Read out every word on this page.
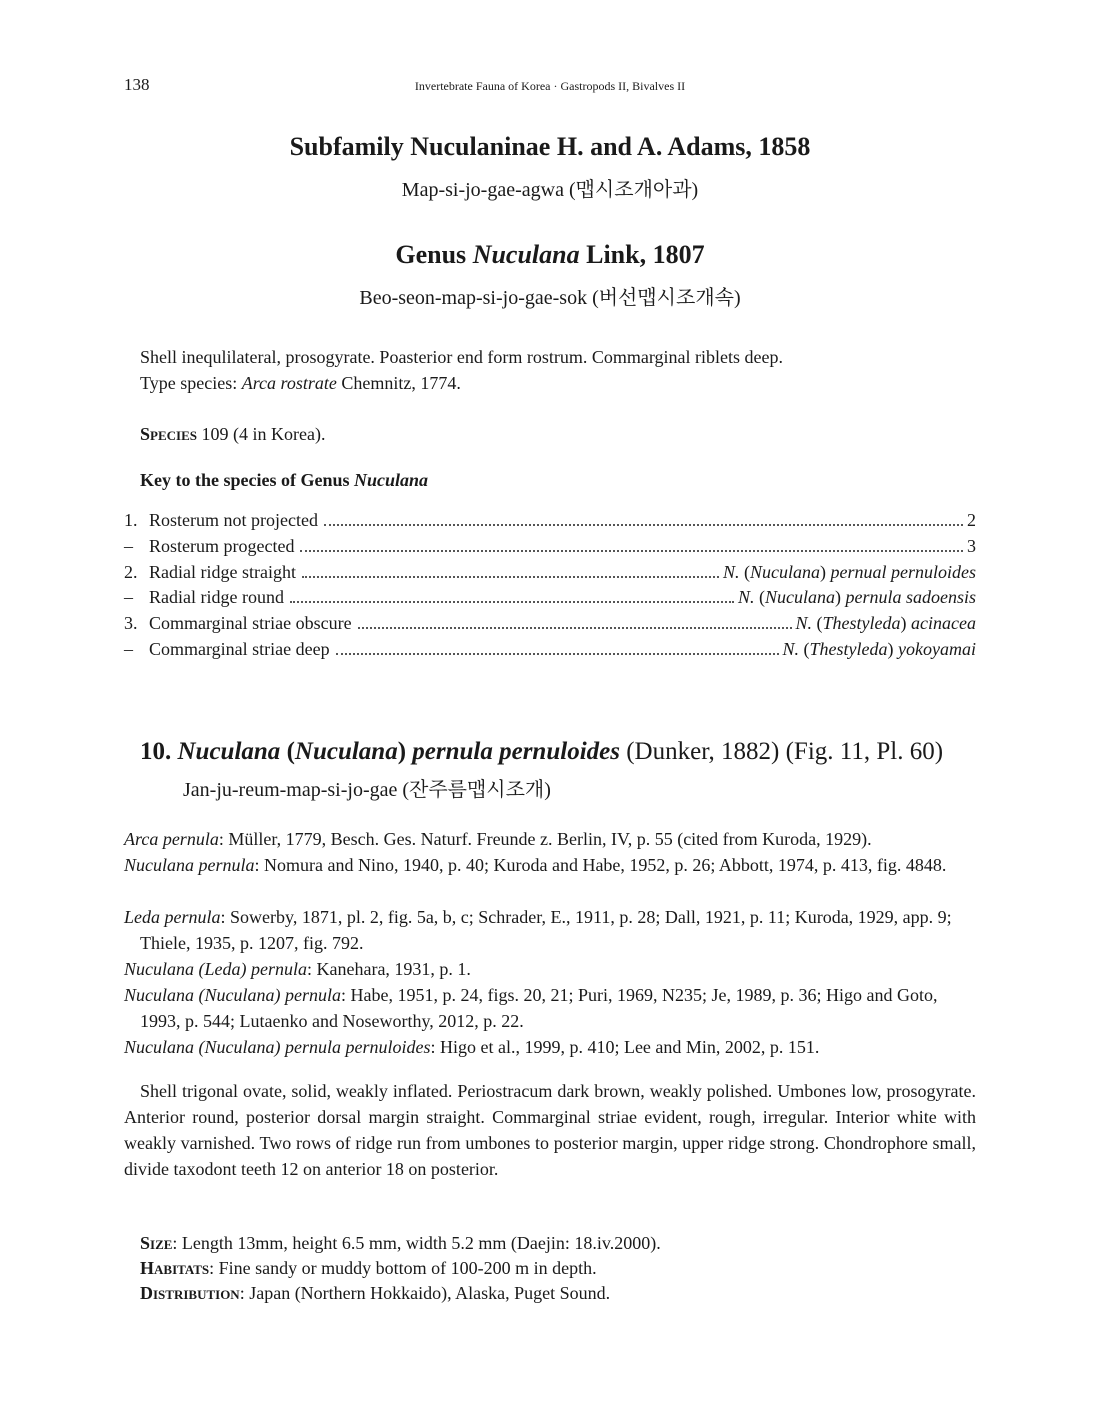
138	Invertebrate Fauna of Korea · Gastropods II, Bivalves II
Subfamily Nuculaninae H. and A. Adams, 1858
Map-si-jo-gae-agwa (맵시조개아과)
Genus Nuculana Link, 1807
Beo-seon-map-si-jo-gae-sok (버선맵시조개속)
Shell inequlilateral, prosogyrate. Poasterior end form rostrum. Commarginal riblets deep.
Type species: Arca rostrate Chemnitz, 1774.
SPECIES 109 (4 in Korea).
Key to the species of Genus Nuculana
1. Rosterum not projected	2
– Rosterum progected	3
2. Radial ridge straight	N. (Nuculana) pernual pernuloides
– Radial ridge round	N. (Nuculana) pernula sadoensis
3. Commarginal striae obscure	N. (Thestyleda) acinacea
– Commarginal striae deep	N. (Thestyleda) yokoyamai
10. Nuculana (Nuculana) pernula pernuloides (Dunker, 1882) (Fig. 11, Pl. 60)
Jan-ju-reum-map-si-jo-gae (잔주름맵시조개)
Arca pernula: Müller, 1779, Besch. Ges. Naturf. Freunde z. Berlin, IV, p. 55 (cited from Kuroda, 1929).
Nuculana pernula: Nomura and Nino, 1940, p. 40; Kuroda and Habe, 1952, p. 26; Abbott, 1974, p. 413, fig. 4848.
Leda pernula: Sowerby, 1871, pl. 2, fig. 5a, b, c; Schrader, E., 1911, p. 28; Dall, 1921, p. 11; Kuroda, 1929, app. 9; Thiele, 1935, p. 1207, fig. 792.
Nuculana (Leda) pernula: Kanehara, 1931, p. 1.
Nuculana (Nuculana) pernula: Habe, 1951, p. 24, figs. 20, 21; Puri, 1969, N235; Je, 1989, p. 36; Higo and Goto, 1993, p. 544; Lutaenko and Noseworthy, 2012, p. 22.
Nuculana (Nuculana) pernula pernuloides: Higo et al., 1999, p. 410; Lee and Min, 2002, p. 151.
Shell trigonal ovate, solid, weakly inflated. Periostracum dark brown, weakly polished. Umbones low, prosogyrate. Anterior round, posterior dorsal margin straight. Commarginal striae evident, rough, irregular. Interior white with weakly varnished. Two rows of ridge run from umbones to posterior margin, upper ridge strong. Chondrophore small, divide taxodont teeth 12 on anterior 18 on posterior.
SIZE: Length 13mm, height 6.5 mm, width 5.2 mm (Daejin: 18.iv.2000).
HABITATS: Fine sandy or muddy bottom of 100-200 m in depth.
DISTRIBUTION: Japan (Northern Hokkaido), Alaska, Puget Sound.
